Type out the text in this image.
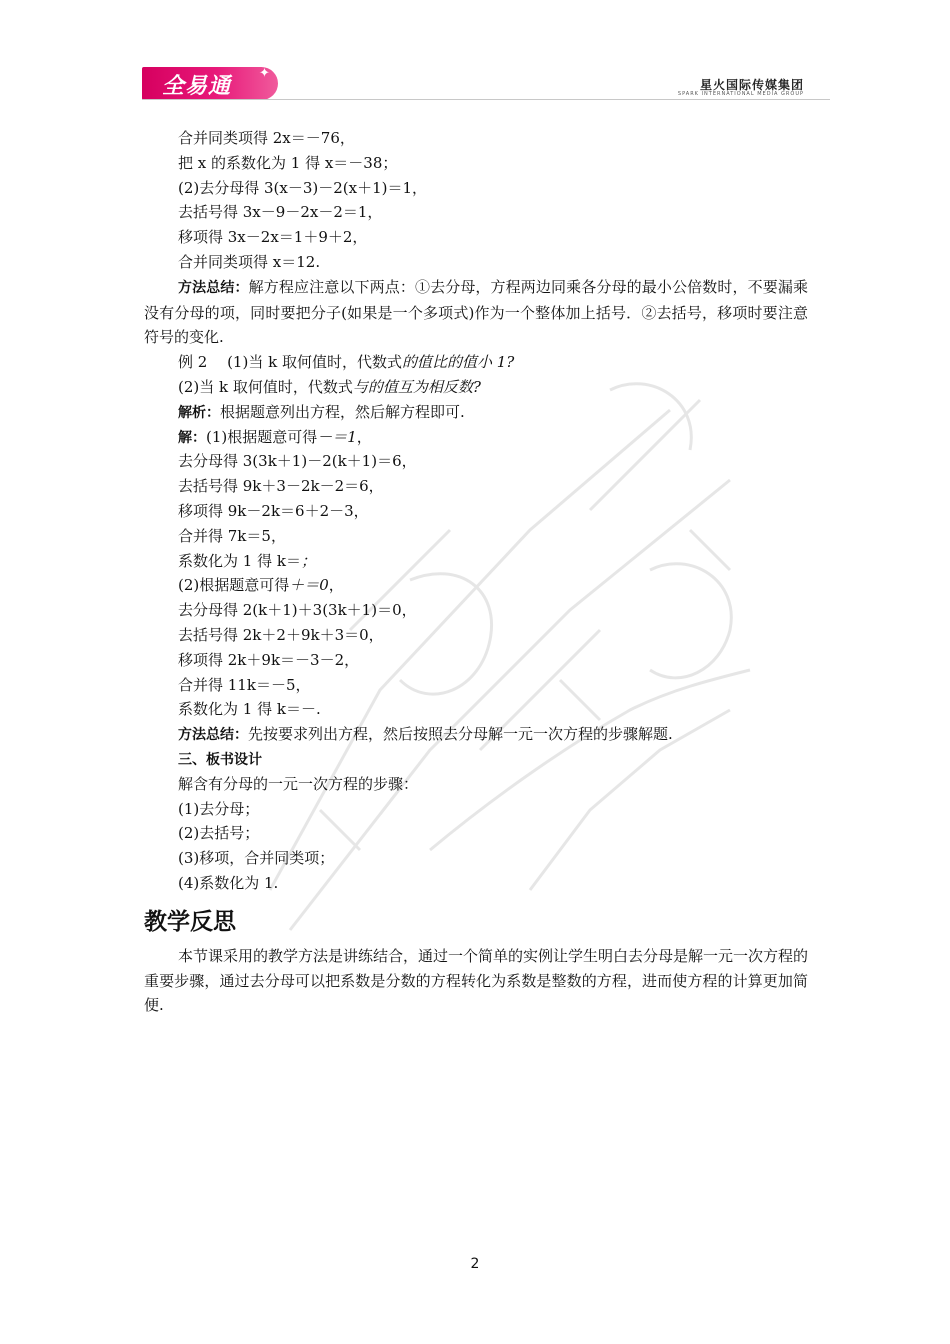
全易通
✦
星火国际传媒集团
SPARK INTERNATIONAL MEDIA GROUP
合并同类项得 2x＝－76，
把 x 的系数化为 1 得 x＝－38；
(2)去分母得 3(x－3)－2(x＋1)＝1，
去括号得 3x－9－2x－2＝1，
移项得 3x－2x＝1＋9＋2，
合并同类项得 x＝12.
方法总结：解方程应注意以下两点：①去分母，方程两边同乘各分母的最小公倍数时，不要漏乘没有分母的项，同时要把分子(如果是一个多项式)作为一个整体加上括号．②去括号，移项时要注意符号的变化.
例 2　 (1)当 k 取何值时，代数式的值比的值小 1?
(2)当 k 取何值时，代数式与的值互为相反数?
解析：根据题意列出方程，然后解方程即可.
解：(1)根据题意可得－＝1，
去分母得 3(3k＋1)－2(k＋1)＝6，
去括号得 9k＋3－2k－2＝6，
移项得 9k－2k＝6＋2－3，
合并得 7k＝5，
系数化为 1 得 k＝；
(2)根据题意可得＋＝0，
去分母得 2(k＋1)＋3(3k＋1)＝0，
去括号得 2k＋2＋9k＋3＝0，
移项得 2k＋9k＝－3－2，
合并得 11k＝－5，
系数化为 1 得 k＝－.
方法总结：先按要求列出方程，然后按照去分母解一元一次方程的步骤解题.
三、板书设计
解含有分母的一元一次方程的步骤：
(1)去分母；
(2)去括号；
(3)移项，合并同类项；
(4)系数化为 1.
教学反思
本节课采用的教学方法是讲练结合，通过一个简单的实例让学生明白去分母是解一元一次方程的重要步骤，通过去分母可以把系数是分数的方程转化为系数是整数的方程，进而使方程的计算更加简便.
2
